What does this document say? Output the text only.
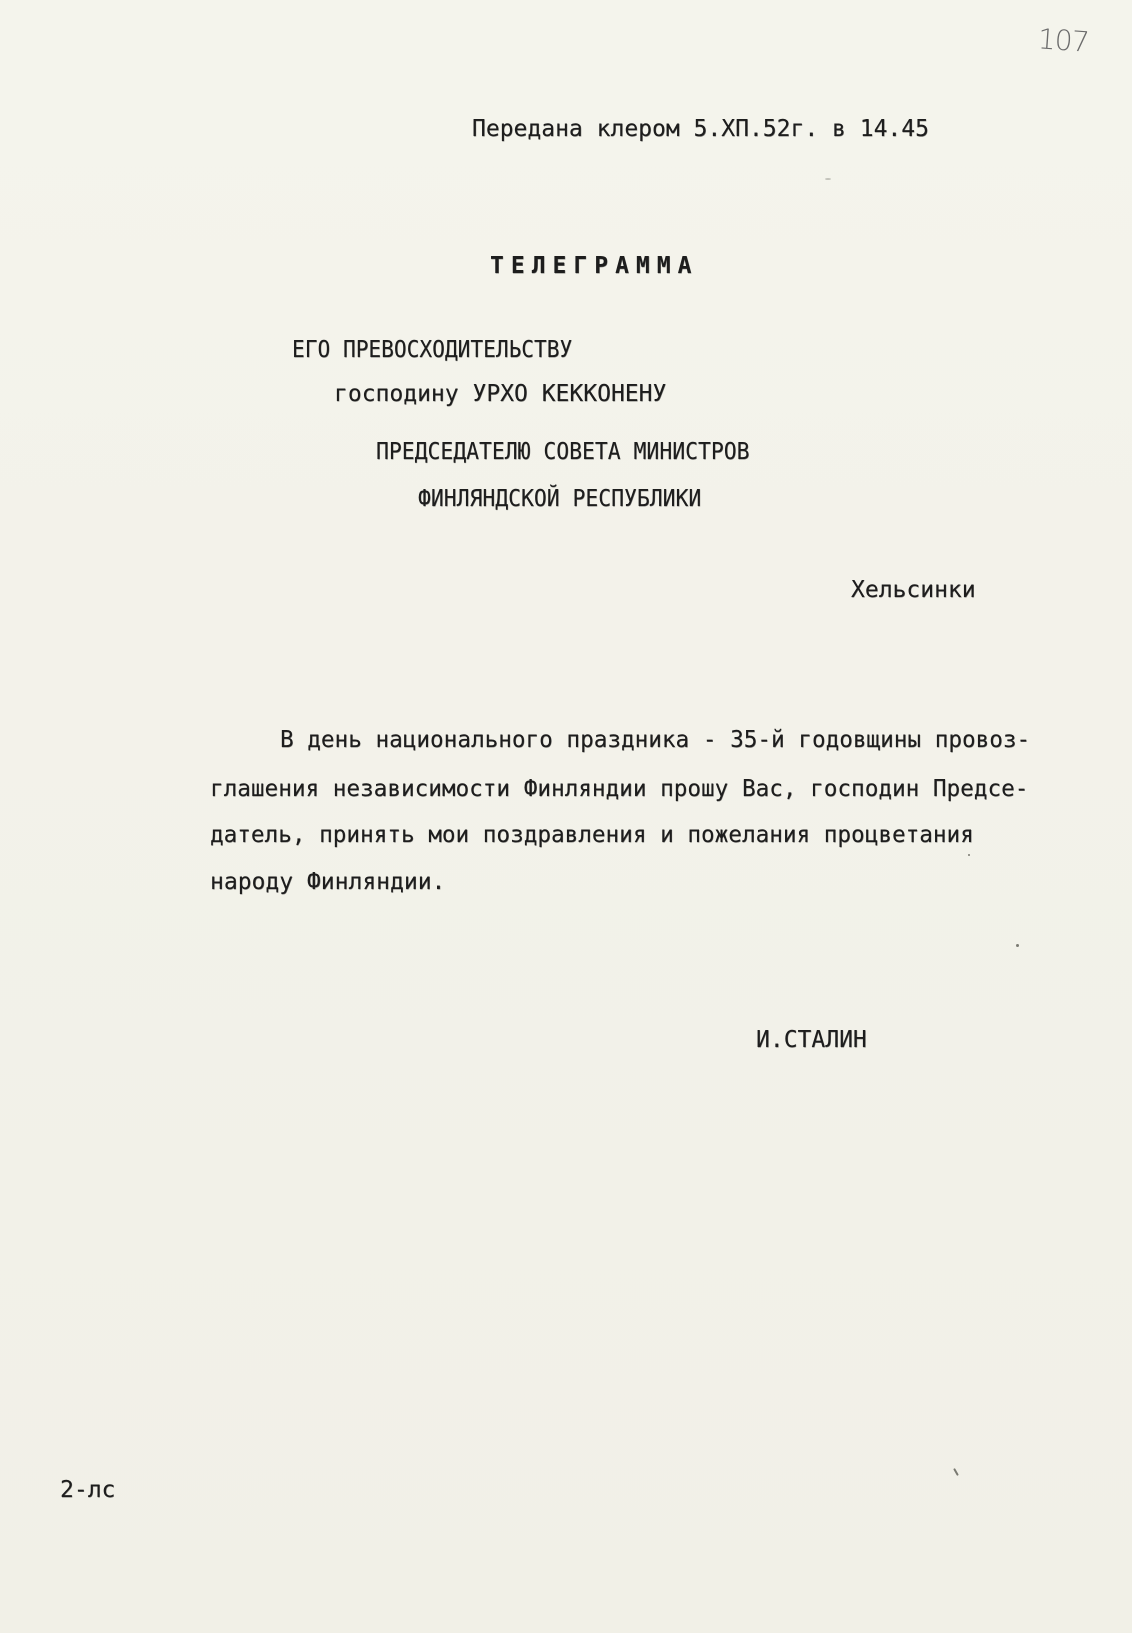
107
Передана клером 5.XП.52г. в 14.45
ТЕЛЕГРАММА
ЕГО ПРЕВОСХОДИТЕЛЬСТВУ
господину УРХО КЕККОНЕНУ
ПРЕДСЕДАТЕЛЮ СОВЕТА МИНИСТРОВ
ФИНЛЯНДСКОЙ РЕСПУБЛИКИ
Хельсинки
В день национального праздника - 35-й годовщины провоз-
глашения независимости Финляндии прошу Вас, господин Предсе-
датель, принять мои поздравления и пожелания процветания
народу Финляндии.
И.СТАЛИН
2-лс
